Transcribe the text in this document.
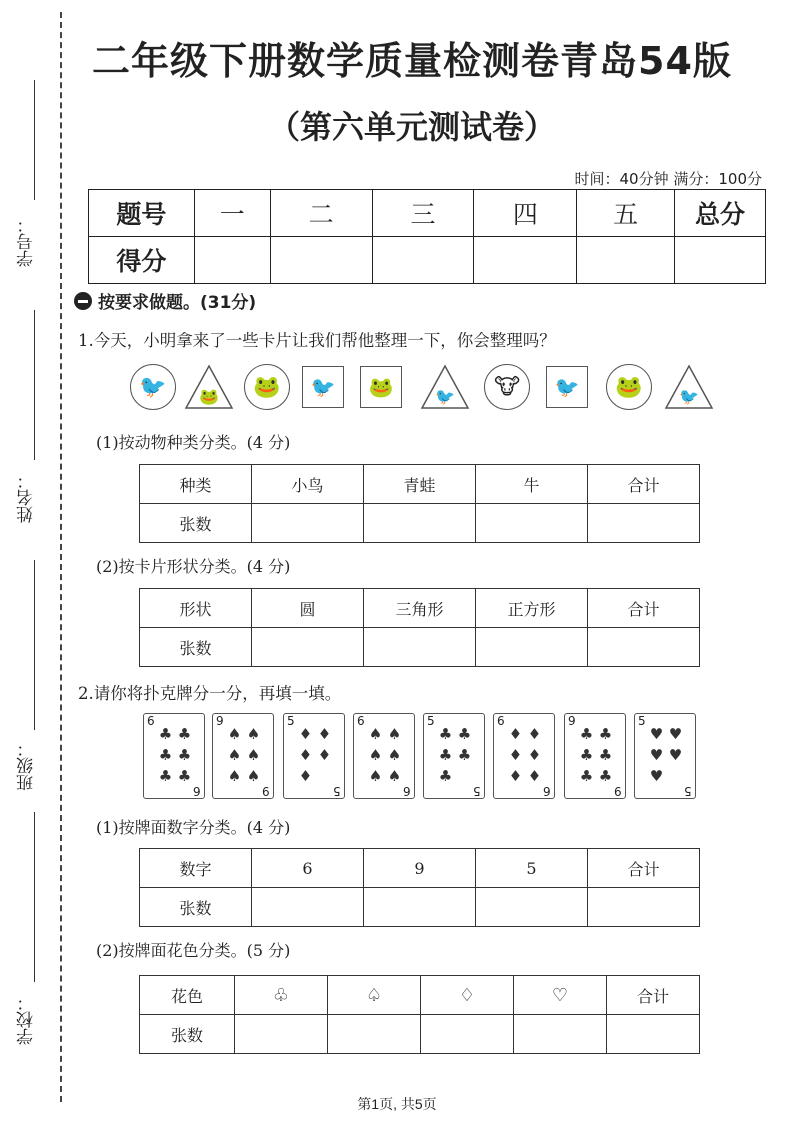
学号：
姓名：
班级：
学校：
二年级下册数学质量检测卷青岛54版
（第六单元测试卷）
时间：40分钟 满分：100分
题号	一	二	三	四	五	总分
得分						
按要求做题。(31分)
1.今天，小明拿来了一些卡片让我们帮他整理一下，你会整理吗？
🐦	🐸	🐸	🐦	🐸	🐦	🐮	🐦	🐸	🐦
(1)按动物种类分类。(4 分)
种类	小鸟	青蛙	牛	合计
张数				
(2)按卡片形状分类。(4 分)
形状	圆	三角形	正方形	合计
张数				
2.请你将扑克牌分一分，再填一填。
6
♣ ♣
♣ ♣
♣ ♣
6
9
♠ ♠
♠ ♠
♠ ♠
9
5
♦ ♦
♦ ♦
♦
5
6
♠ ♠
♠ ♠
♠ ♠
6
5
♣ ♣
♣ ♣
♣
5
6
♦ ♦
♦ ♦
♦ ♦
6
9
♣ ♣
♣ ♣
♣ ♣
9
5
♥ ♥
♥ ♥
♥
5
(1)按牌面数字分类。(4 分)
数字	6	9	5	合计
张数				
(2)按牌面花色分类。(5 分)
花色	♧	♤	♢	♡	合计
张数					
第1页, 共5页
